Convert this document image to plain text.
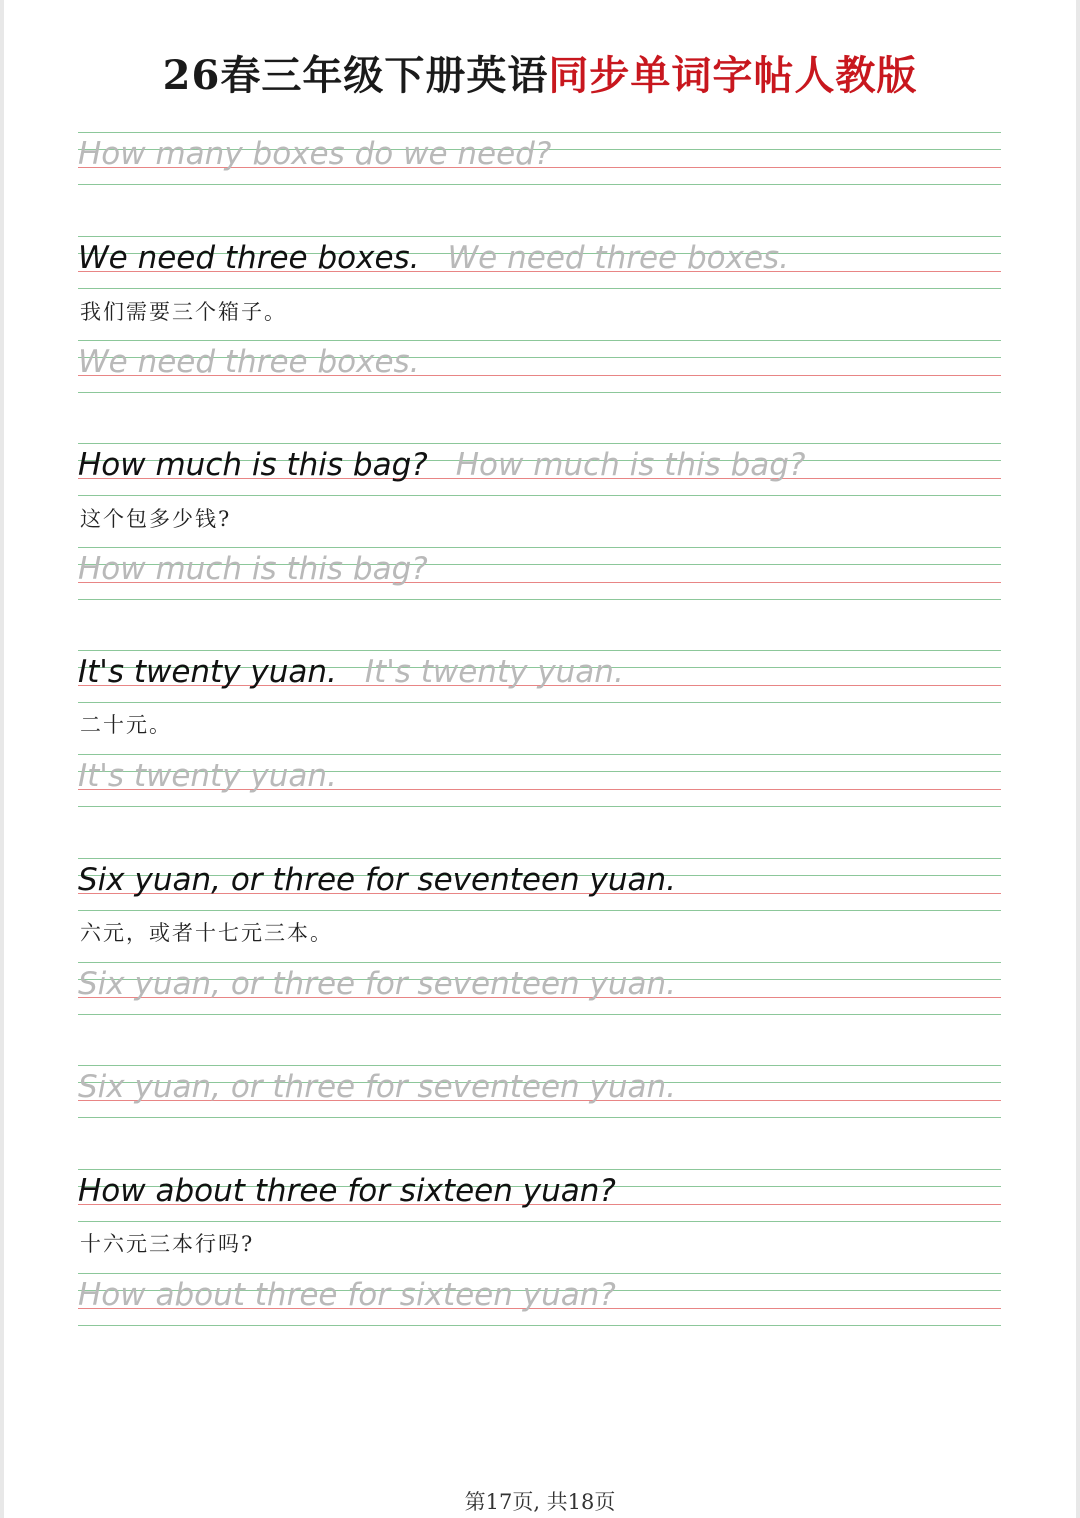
26春三年级下册英语同步单词字帖人教版
How many boxes do we need?
We need three boxes. We need three boxes.
我们需要三个箱子。
We need three boxes.
How much is this bag? How much is this bag?
这个包多少钱?
How much is this bag?
It's twenty yuan. It's twenty yuan.
二十元。
It's twenty yuan.
Six yuan, or three for seventeen yuan.
六元，或者十七元三本。
Six yuan, or three for seventeen yuan.
Six yuan, or three for seventeen yuan.
How about three for sixteen yuan?
十六元三本行吗?
How about three for sixteen yuan?
第17页, 共18页
